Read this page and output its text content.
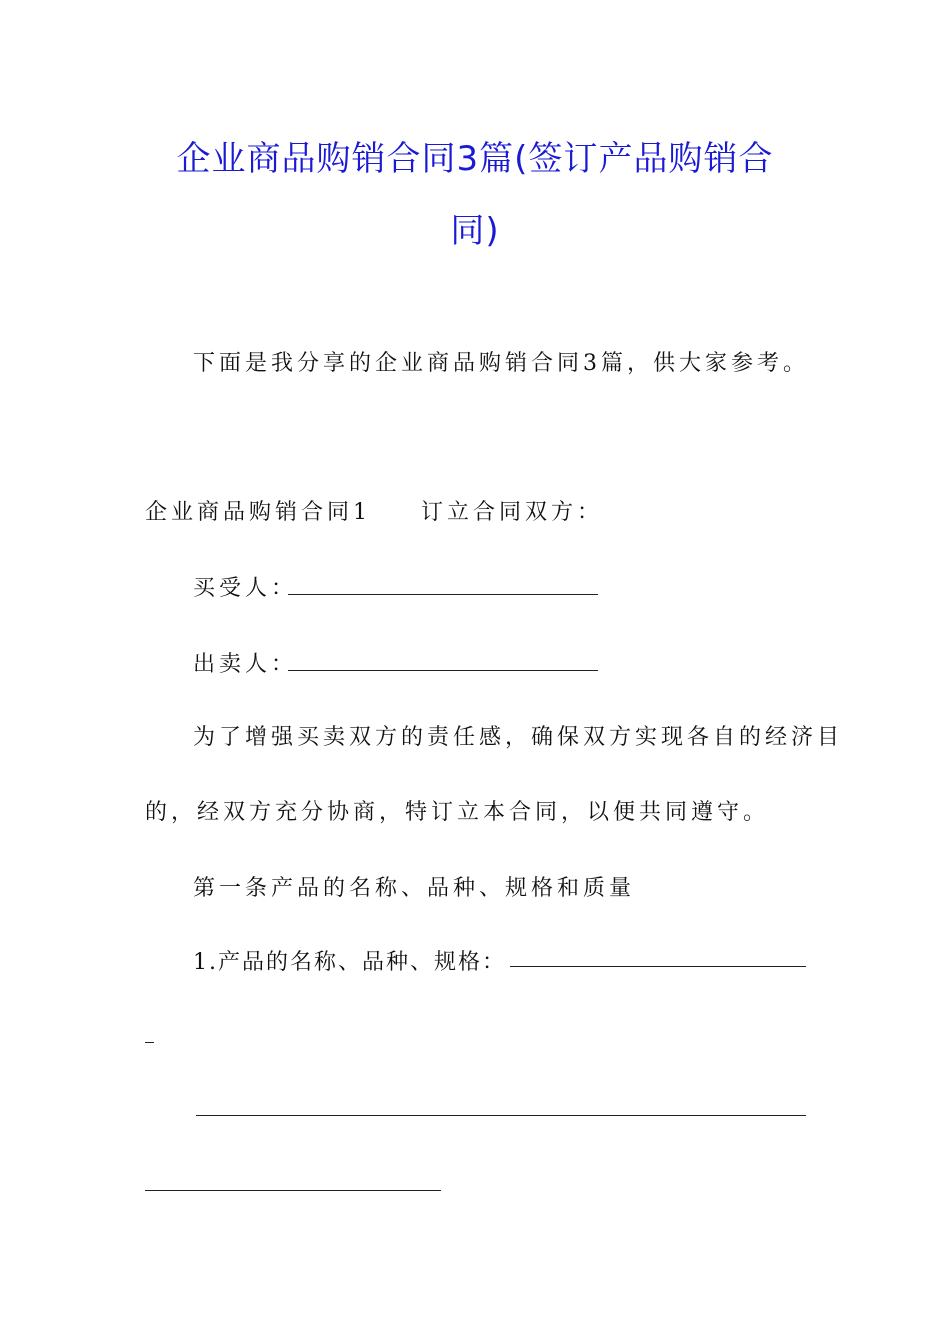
企业商品购销合同3篇(签订产品购销合
同)
下面是我分享的企业商品购销合同3篇，供大家参考。
企业商品购销合同1 订立合同双方：
买受人：
出卖人：
为了增强买卖双方的责任感，确保双方实现各自的经济目
的，经双方充分协商，特订立本合同，以便共同遵守。
第一条产品的名称、品种、规格和质量
1.产品的名称、品种、规格：
